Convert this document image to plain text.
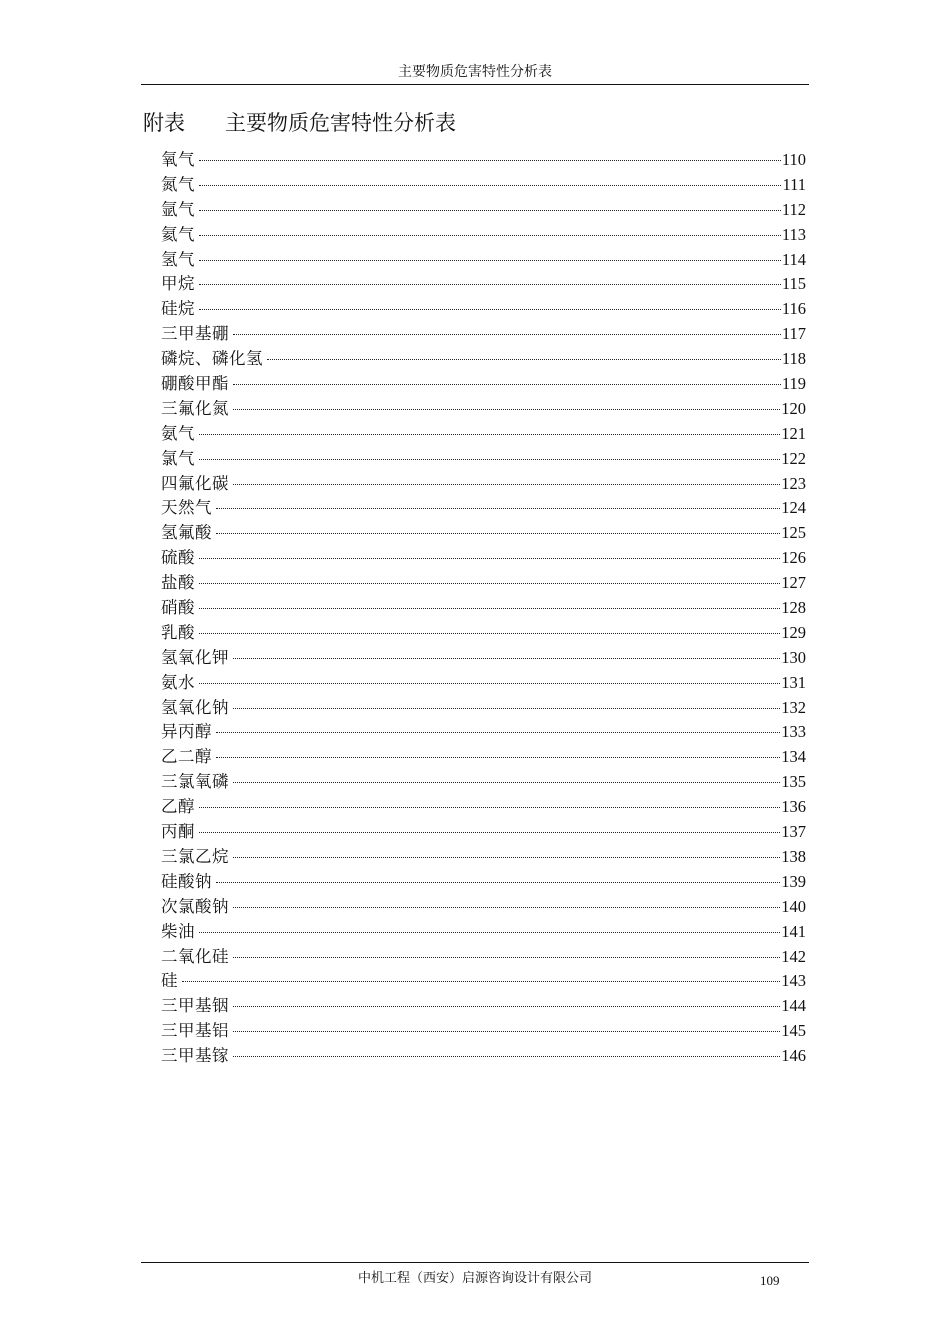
主要物质危害特性分析表
附表 主要物质危害特性分析表
氧气	110
氮气	111
氩气	112
氦气	113
氢气	114
甲烷	115
硅烷	116
三甲基硼	117
磷烷、磷化氢	118
硼酸甲酯	119
三氟化氮	120
氨气	121
氯气	122
四氟化碳	123
天然气	124
氢氟酸	125
硫酸	126
盐酸	127
硝酸	128
乳酸	129
氢氧化钾	130
氨水	131
氢氧化钠	132
异丙醇	133
乙二醇	134
三氯氧磷	135
乙醇	136
丙酮	137
三氯乙烷	138
硅酸钠	139
次氯酸钠	140
柴油	141
二氧化硅	142
硅	143
三甲基铟	144
三甲基铝	145
三甲基镓	146
中机工程（西安）启源咨询设计有限公司	109
